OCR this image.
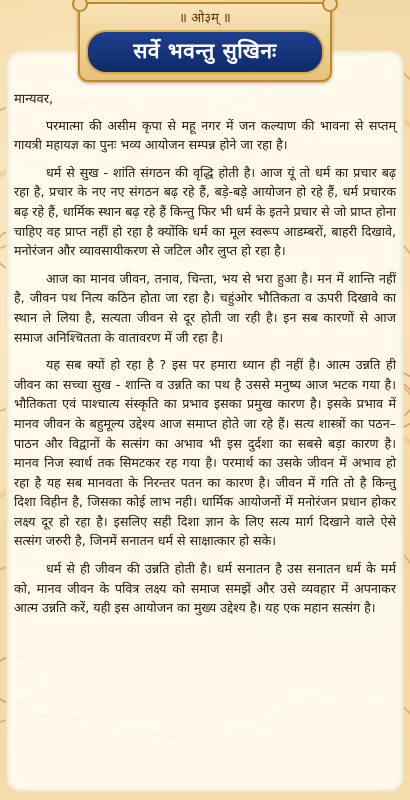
॥ ओ३म् ॥
सर्वे भवन्तु सुखिनः

मान्यवर,

परमात्मा की असीम कृपा से महू नगर में जन कल्याण की भावना से सप्तम् गायत्री महायज्ञ का पुनः भव्य आयोजन सम्पन्न होने जा रहा है।

धर्म से सुख - शांति संगठन की वृद्धि होती है। आज यूं तो धर्म का प्रचार बढ़ रहा है, प्रचार के नए नए संगठन बढ़ रहे हैं, बड़े-बड़े आयोजन हो रहे हैं, धर्म प्रचारक बढ़ रहे हैं, धार्मिक स्थान बढ़ रहे हैं किन्तु फिर भी धर्म के इतने प्रचार से जो प्राप्त होना चाहिए वह प्राप्त नहीं हो रहा है क्योंकि धर्म का मूल स्वरूप आडम्बरों, बाहरी दिखावे, मनोरंजन और व्यावसायीकरण से जटिल और लुप्त हो रहा है।

आज का मानव जीवन, तनाव, चिन्ता, भय से भरा हुआ है। मन में शान्ति नहीं है, जीवन पथ नित्य कठिन होता जा रहा है। चहुंओर भौतिकता व ऊपरी दिखावे का स्थान ले लिया है, सत्यता जीवन से दूर होती जा रही है। इन सब कारणों से आज समाज अनिश्चितता के वातावरण में जी रहा है।

यह सब क्यों हो रहा है ? इस पर हमारा ध्यान ही नहीं है। आत्म उन्नति ही जीवन का सच्चा सुख - शान्ति व उन्नति का पथ है उससे मनुष्य आज भटक गया है। भौतिकता एवं पाश्चात्य संस्कृति का प्रभाव इसका प्रमुख कारण है। इसके प्रभाव में मानव जीवन के बहुमूल्य उद्देश्य आज समाप्त होते जा रहे हैं। सत्य शास्त्रों का पठन–पाठन और विद्वानों के सत्संग का अभाव भी इस दुर्दशा का सबसे बड़ा कारण है। मानव निज स्वार्थ तक सिमटकर रह गया है। परमार्थ का उसके जीवन में अभाव हो रहा है यह सब मानवता के निरन्तर पतन का कारण है। जीवन में गति तो है किन्तु दिशा विहीन है, जिसका कोई लाभ नही। धार्मिक आयोजनों में मनोरंजन प्रधान होकर लक्ष्य दूर हो रहा है। इसलिए सही दिशा ज्ञान के लिए सत्य मार्ग दिखाने वाले ऐसे सत्संग जरुरी है, जिनमें सनातन धर्म से साक्षात्कार हो सके।

धर्म से ही जीवन की उन्नति होती है। धर्म सनातन है उस सनातन धर्म के मर्म को, मानव जीवन के पवित्र लक्ष्य को समाज समझें और उसे व्यवहार में अपनाकर आत्म उन्नति करें, यही इस आयोजन का मुख्य उद्देश्य है। यह एक महान सत्संग है।
